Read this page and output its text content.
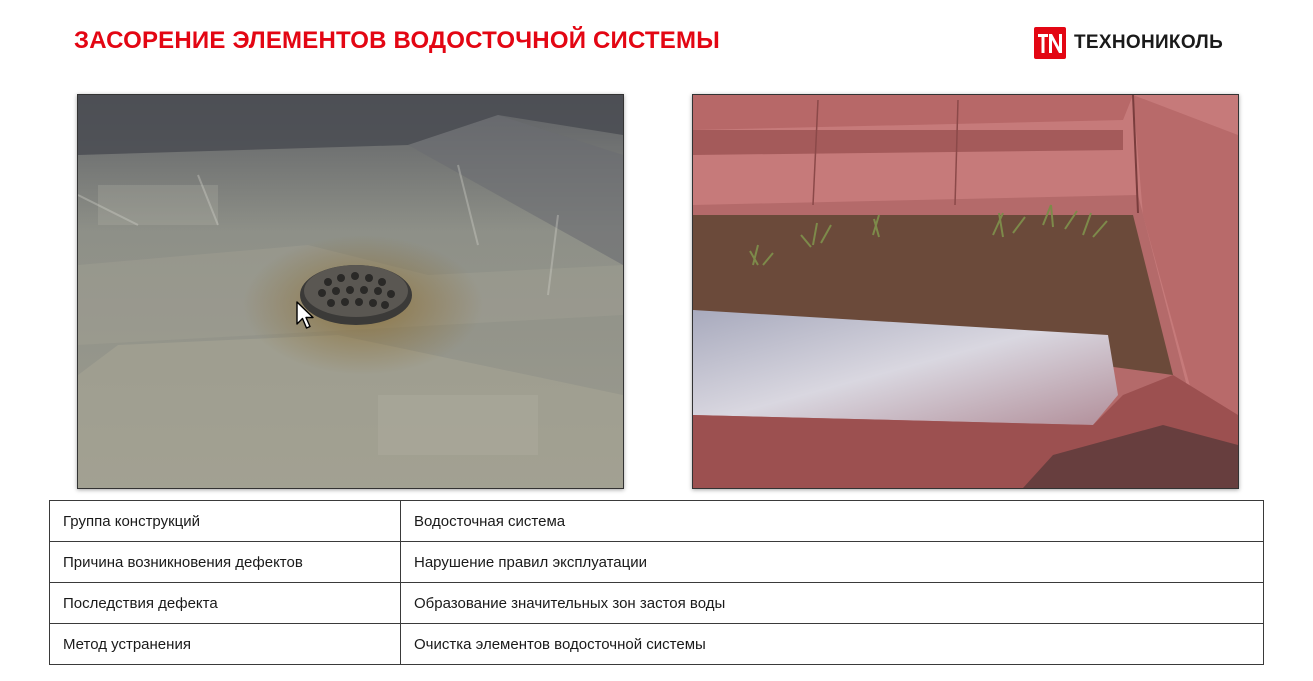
ЗАСОРЕНИЕ ЭЛЕМЕНТОВ ВОДОСТОЧНОЙ СИСТЕМЫ	ТЕХНОНИКОЛЬ
Группа конструкций	Водосточная система
Причина возникновения дефектов	Нарушение правил эксплуатации
Последствия дефекта	Образование значительных зон застоя воды
Метод устранения	Очистка элементов водосточной системы
